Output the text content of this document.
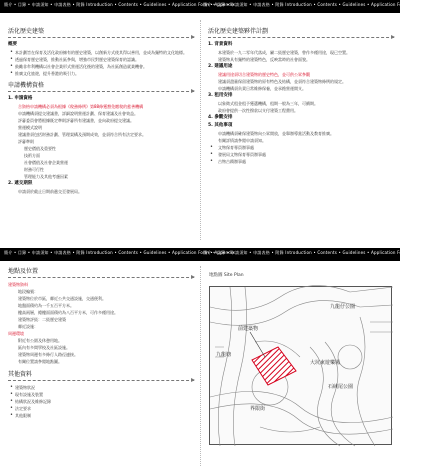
簡介 • 目錄 • 申請須知 • 申請表格 • 附錄 Introduction • Contents • Guidelines • Application Form • Appendix
簡介 • 目錄 • 申請須知 • 申請表格 • 附錄 Introduction • Contents • Guidelines • Application Form • Appendix
活化歷史建築
概要
• 本計劃旨在保育及活化政府擁有的歷史建築，以創新方式使其得以善用，並成為獨特的文化地標。
• 透過保育歷史建築，推動社區參與，增強市民對歷史建築保育的認識。
• 鼓勵非牟利機構以社會企業形式營運活化後的建築，為社區創造就業機會。
• 推廣文化旅遊，提升香港的吸引力。
申請機構資格
1. 申請資格

合資格申請機構必須為根據《稅務條例》第88條獲豁免繳稅的慈善機構

申請機構須提交建議書，詳細說明營運計劃、保育建議及社會效益。

評審委員會將根據既定準則評審所有建議書，並向政府提交建議。

營運模式說明

建議書須包括財務計劃、管理架構及預期成效，並須符合所有法定要求。

評審準則

歷史價值及重要性

技術方面

社會價值及社會企業營運

財務可行性

管理能力及其他考慮因素

2. 遞交期限

申請須於截止日期前遞交至發展局。

活化歷史建築夥伴計劃
1. 背景資料

本建築於一九二零年代落成，屬二級歷史建築，曾作多種用途，現已空置。

建築物具有獨特的建築特色，反映當時的社會面貌。

2. 建議用途

建議用途須切合建築物的歷史特色，並可供公眾參觀

建議須盡量保留建築物的原有特色及結構，並須符合建築物條例的規定。

申請機構須負責日常維修保養，並承擔營運開支。

3. 租用安排

以象徵式租金租予獲選機構，租期一般為三年，可續期。

政府會提供一次性撥款以支付建築工程費用。

4. 參觀安排
5. 其他事項

申請機構須確保建築物向公眾開放，並舉辦導賞活動及教育推廣。

有關詳情請參閱申請須知。

• 文物保育專員辦事處
• 發展局文物保育專員辦事處
• 古物古蹟辦事處
簡介 • 目錄 • 申請須知 • 申請表格 • 附錄 Introduction • Contents • Guidelines • Application Form • Appendix
簡介 • 目錄 • 申請須知 • 申請表格 • 附錄 Introduction • Contents • Guidelines • Application Form • Appendix
地點及位置

建築物資料

地段編號：

建築物位於市區，鄰近公共交通設施，交通便利。

地盤面積約為一千五百平方米。

樓高兩層，總樓面面積約為八百平方米，可作多種用途。

建築物評級：二級歷史建築

鄰近設施：

周邊環境

附近有公園及休憩用地。

區內有多間學校及社區設施。

建築物周邊有多條行人路徑連接。

有關位置請參閱地點圖。

其他資料
• 建築物狀況
• 現有設施及裝置
• 結構狀況及維修記錄
• 法定要求
• 其他限制
地點圖 Site Plan
九龍仔公園
前建築物
九龍塘
大坑東遊樂場
石硤尾公園
界限街
